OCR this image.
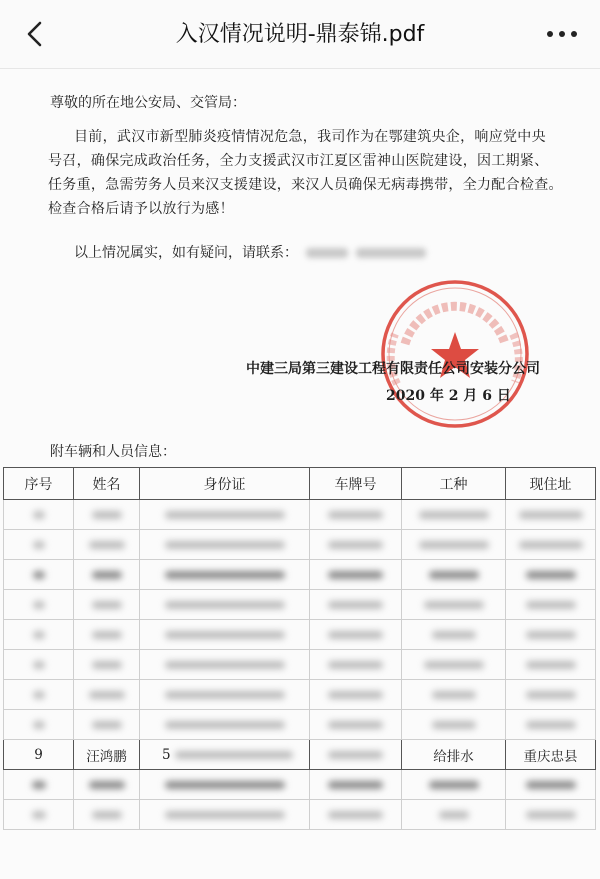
入汉情况说明-鼎泰锦.pdf
尊敬的所在地公安局、交管局：
目前，武汉市新型肺炎疫情情况危急，我司作为在鄂建筑央企，响应党中央
号召，确保完成政治任务，全力支援武汉市江夏区雷神山医院建设，因工期紧、
任务重，急需劳务人员来汉支援建设，来汉人员确保无病毒携带，全力配合检查。
检查合格后请予以放行为感！
以上情况属实，如有疑问，请联系：
中建三局第三建设工程有限责任公司安装分公司
2020 年 2 月 6 日
附车辆和人员信息：
序号	姓名	身份证	车牌号	工种	现住址

9	汪鸿鹏	5		给排水	重庆忠县
